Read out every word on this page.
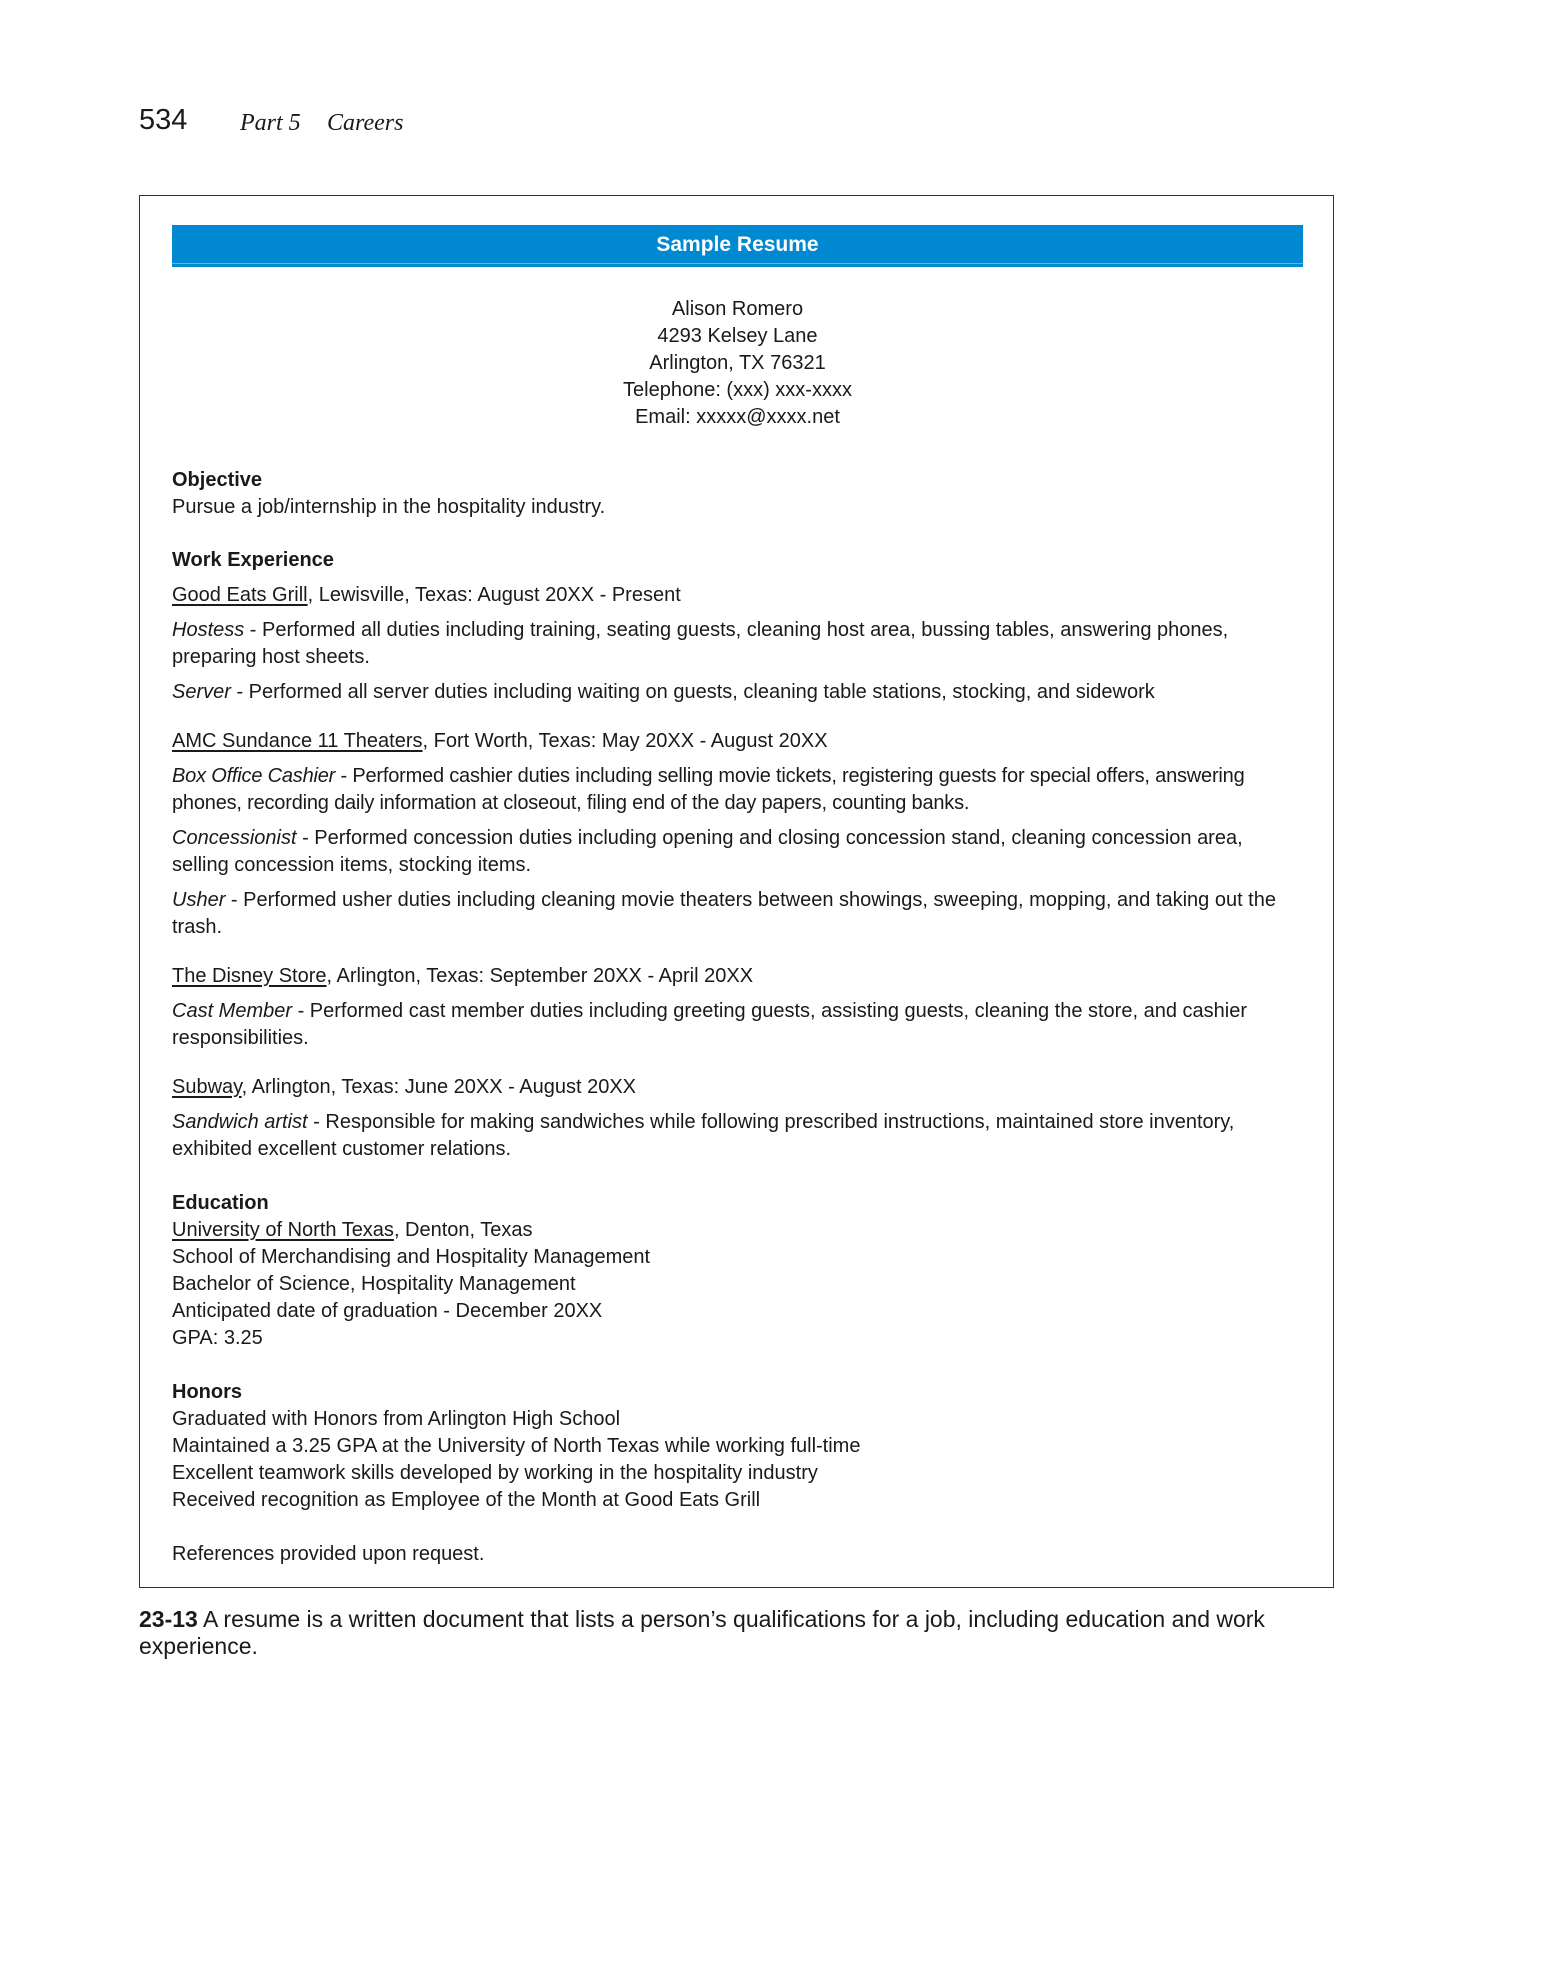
534 Part 5 Careers
Sample Resume
Alison Romero
4293 Kelsey Lane
Arlington, TX 76321
Telephone: (xxx) xxx-xxxx
Email: xxxxx@xxxx.net
Objective

Pursue a job/internship in the hospitality industry.

Work Experience

Good Eats Grill, Lewisville, Texas: August 20XX - Present

Hostess - Performed all duties including training, seating guests, cleaning host area, bussing tables, answering phones, preparing host sheets.

Server - Performed all server duties including waiting on guests, cleaning table stations, stocking, and sidework

AMC Sundance 11 Theaters, Fort Worth, Texas: May 20XX - August 20XX

Box Office Cashier - Performed cashier duties including selling movie tickets, registering guests for special offers, answering phones, recording daily information at closeout, filing end of the day papers, counting banks.

Concessionist - Performed concession duties including opening and closing concession stand, cleaning concession area, selling concession items, stocking items.

Usher - Performed usher duties including cleaning movie theaters between showings, sweeping, mopping, and taking out the trash.

The Disney Store, Arlington, Texas: September 20XX - April 20XX

Cast Member - Performed cast member duties including greeting guests, assisting guests, cleaning the store, and cashier responsibilities.

Subway, Arlington, Texas: June 20XX - August 20XX

Sandwich artist - Responsible for making sandwiches while following prescribed instructions, maintained store inventory, exhibited excellent customer relations.

Education

University of North Texas, Denton, Texas

School of Merchandising and Hospitality Management

Bachelor of Science, Hospitality Management

Anticipated date of graduation - December 20XX

GPA: 3.25

Honors

Graduated with Honors from Arlington High School

Maintained a 3.25 GPA at the University of North Texas while working full-time

Excellent teamwork skills developed by working in the hospitality industry

Received recognition as Employee of the Month at Good Eats Grill

References provided upon request.

23-13 A resume is a written document that lists a person’s qualifications for a job, including education and work experience.
